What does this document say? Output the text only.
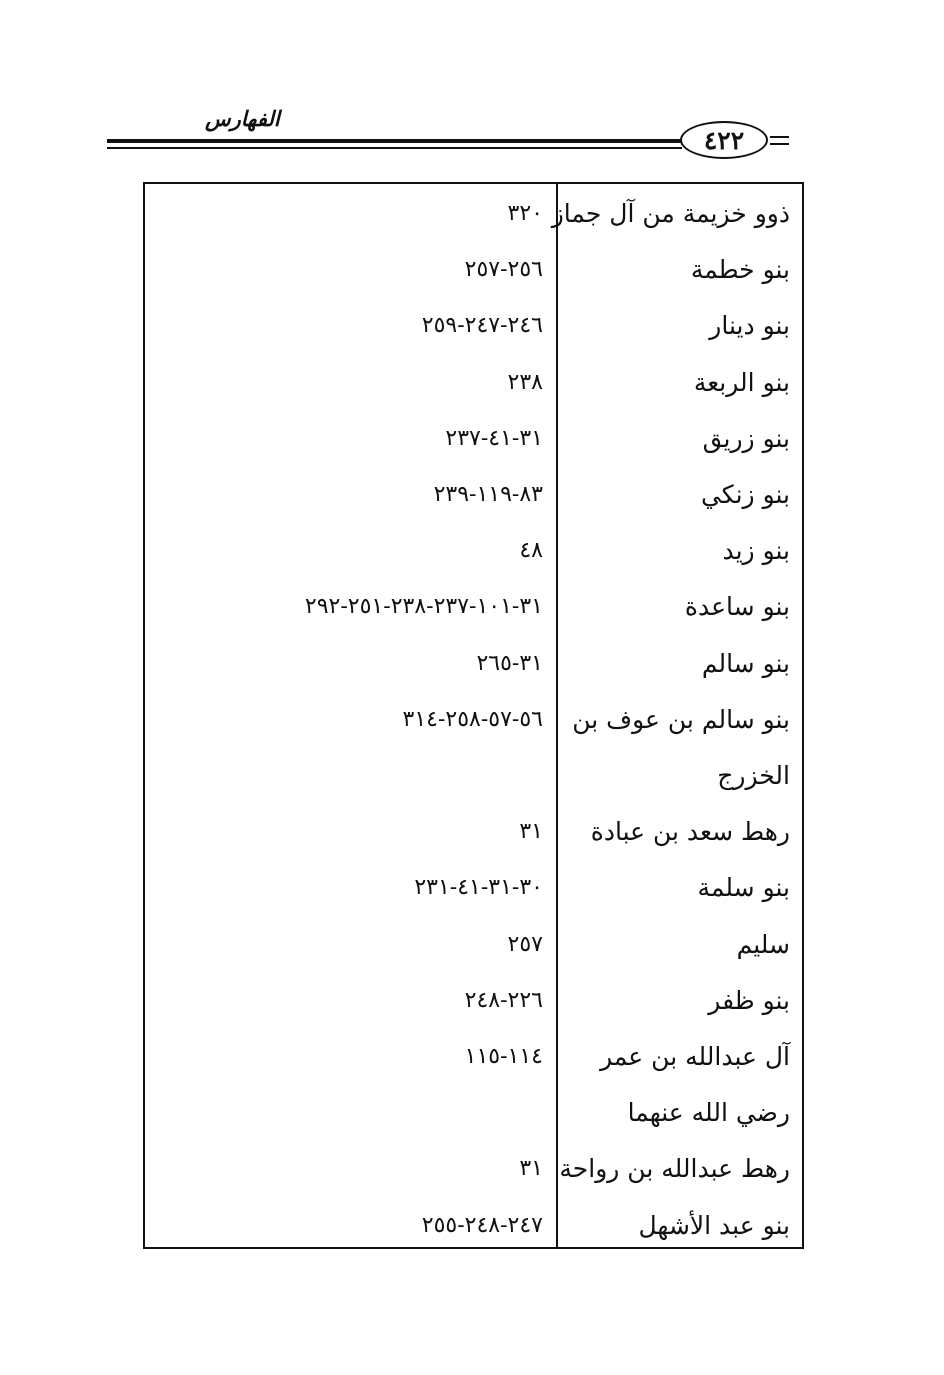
الفهارس
٤٢٢
ذوو خزيمة من آل جماز
٣٢٠
بنو خطمة
٢٥٦-٢٥٧
بنو دينار
٢٤٦-٢٤٧-٢٥٩
بنو الربعة
٢٣٨
بنو زريق
٣١-٤١-٢٣٧
بنو زنكي
٨٣-١١٩-٢٣٩
بنو زيد
٤٨
بنو ساعدة
٣١-١٠١-٢٣٧-٢٣٨-٢٥١-٢٩٢
بنو سالم
٣١-٢٦٥
بنو سالم بن عوف بن
٥٦-٥٧-٢٥٨-٣١٤
الخزرج
رهط سعد بن عبادة
٣١
بنو سلمة
٣٠-٣١-٤١-٢٣١
سليم
٢٥٧
بنو ظفر
٢٢٦-٢٤٨
آل عبدالله بن عمر
١١٤-١١٥
رضي الله عنهما
رهط عبدالله بن رواحة
٣١
بنو عبد الأشهل
٢٤٧-٢٤٨-٢٥٥
